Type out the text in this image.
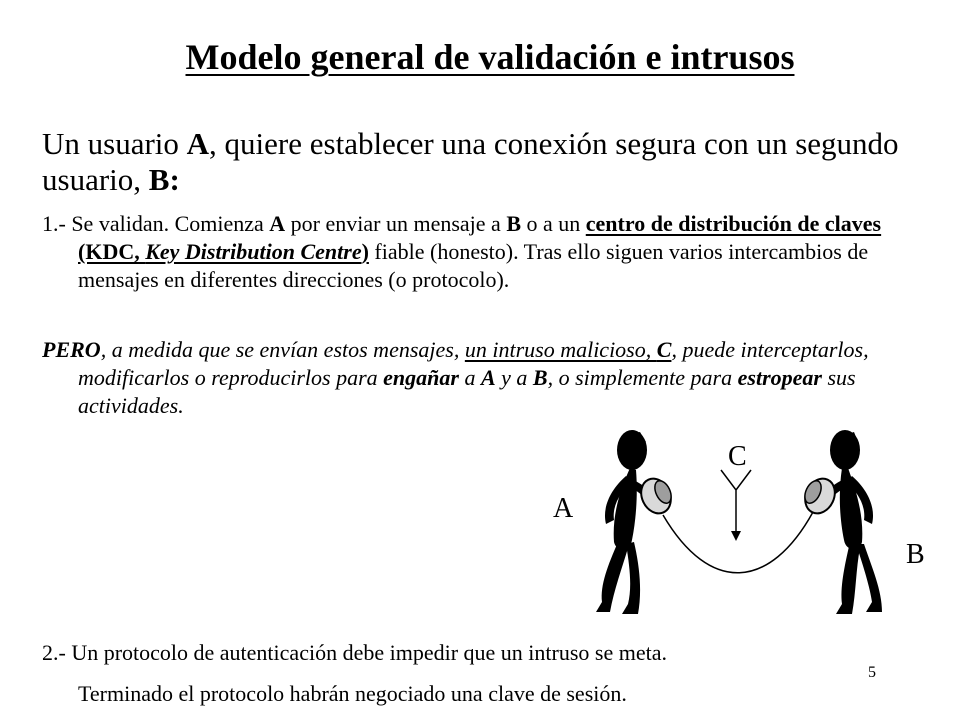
Modelo general de validación e intrusos
Un usuario A, quiere establecer una conexión segura con un segundo usuario, B:
1.- Se validan. Comienza A por enviar un mensaje a B o a un centro de distribución de claves (KDC, Key Distribution Centre) fiable (honesto). Tras ello siguen varios intercambios de mensajes en diferentes direcciones (o protocolo).
PERO, a medida que se envían estos mensajes, un intruso malicioso, C, puede interceptarlos, modificarlos o reproducirlos para engañar a A y a B, o simplemente para estropear sus actividades.
A
B
C
2.- Un protocolo de autenticación debe impedir que un intruso se meta.
Terminado el protocolo habrán negociado una clave de sesión.
5
